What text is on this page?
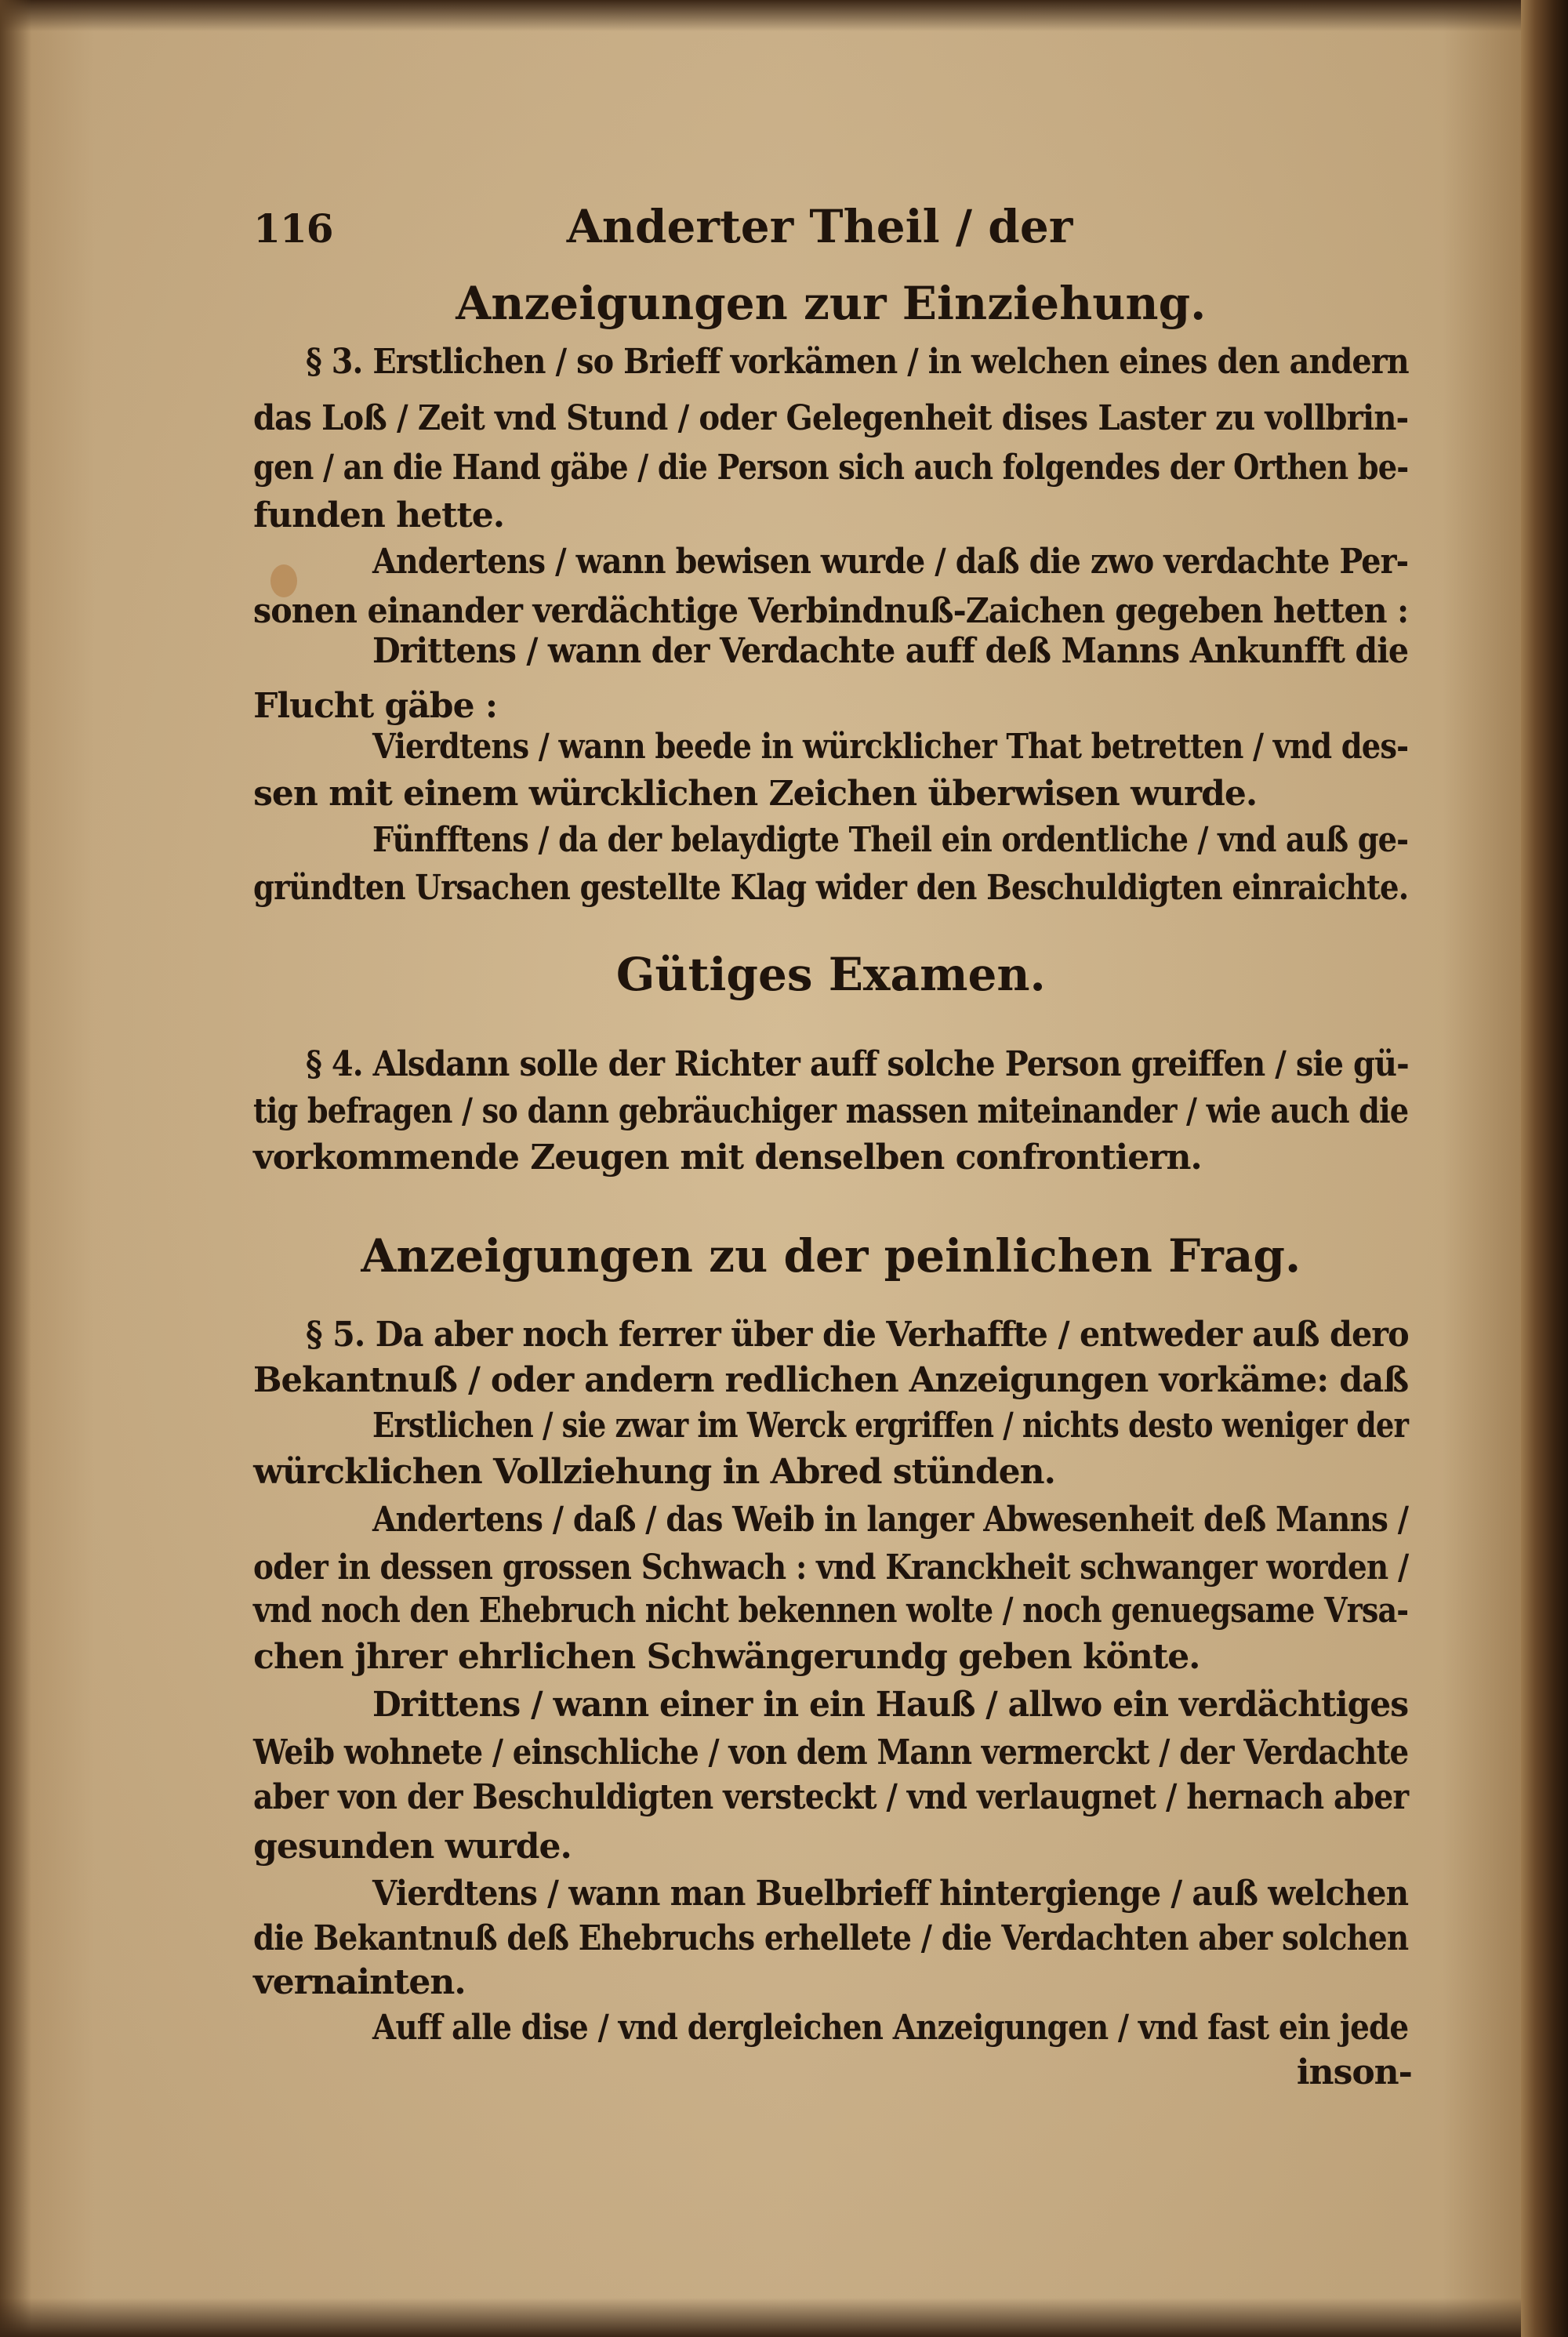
116	Anderter Theil / der
Anzeigungen zur Einziehung.
§ 3. Erstlichen / so Brieff vorkämen / in welchen eines den andern
das Loß / Zeit vnd Stund / oder Gelegenheit dises Laster zu vollbrin-
gen / an die Hand gäbe / die Person sich auch folgendes der Orthen be-
funden hette.
Andertens / wann bewisen wurde / daß die zwo verdachte Per-
sonen einander verdächtige Verbindnuß-Zaichen gegeben hetten :
Drittens / wann der Verdachte auff deß Manns Ankunfft die
Flucht gäbe :
Vierdtens / wann beede in würcklicher That betretten / vnd des-
sen mit einem würcklichen Zeichen überwisen wurde.
Fünfftens / da der belaydigte Theil ein ordentliche / vnd auß ge-
gründten Ursachen gestellte Klag wider den Beschuldigten einraichte.
Gütiges Examen.
§ 4. Alsdann solle der Richter auff solche Person greiffen / sie gü-
tig befragen / so dann gebräuchiger massen miteinander / wie auch die
vorkommende Zeugen mit denselben confrontiern.
Anzeigungen zu der peinlichen Frag.
§ 5. Da aber noch ferrer über die Verhaffte / entweder auß dero
Bekantnuß / oder andern redlichen Anzeigungen vorkäme: daß
Erstlichen / sie zwar im Werck ergriffen / nichts desto weniger der
würcklichen Vollziehung in Abred stünden.
Andertens / daß / das Weib in langer Abwesenheit deß Manns /
oder in dessen grossen Schwach : vnd Kranckheit schwanger worden /
vnd noch den Ehebruch nicht bekennen wolte / noch genuegsame Vrsa-
chen jhrer ehrlichen Schwängerundg geben könte.
Drittens / wann einer in ein Hauß / allwo ein verdächtiges
Weib wohnete / einschliche / von dem Mann vermerckt / der Verdachte
aber von der Beschuldigten versteckt / vnd verlaugnet / hernach aber
gesunden wurde.
Vierdtens / wann man Buelbrieff hintergienge / auß welchen
die Bekantnuß deß Ehebruchs erhellete / die Verdachten aber solchen
vernainten.
Auff alle dise / vnd dergleichen Anzeigungen / vnd fast ein jede
inson-
